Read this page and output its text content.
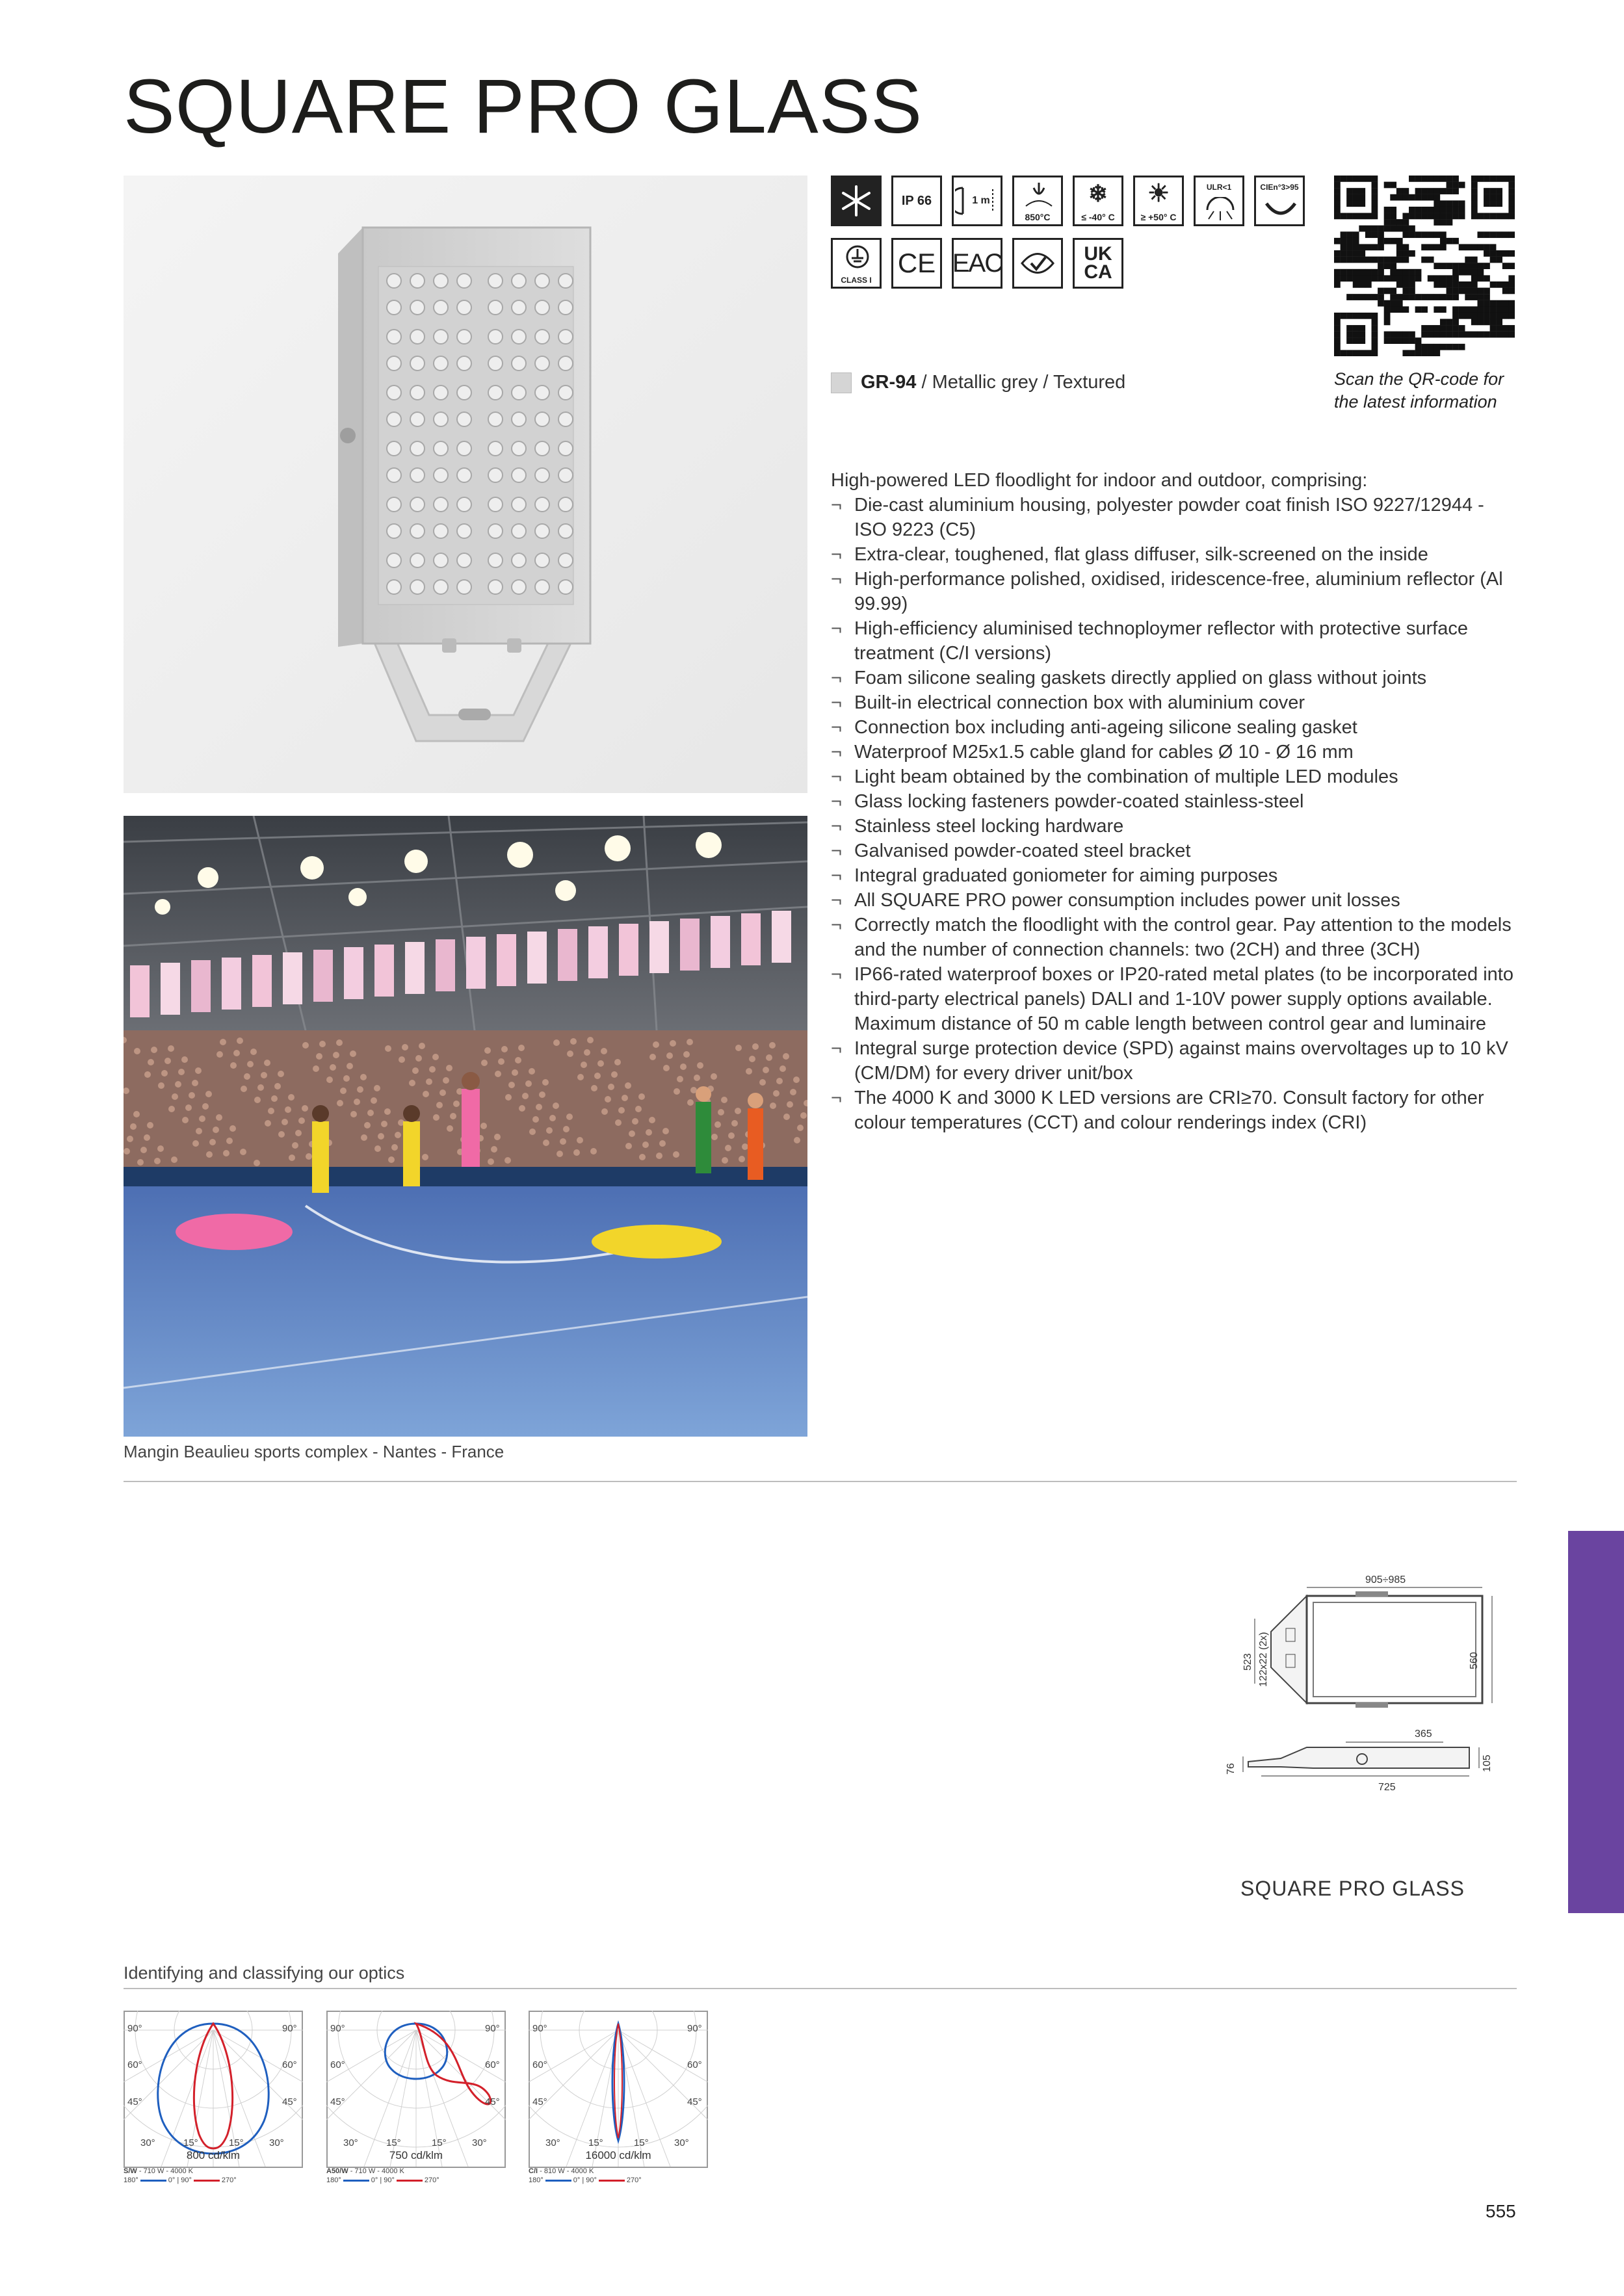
SQUARE PRO GLASS
Mangin Beaulieu sports complex - Nantes - France
IP 66	1 m
850°C
❄
≤ -40° C
☀
≥ +50° C
ULR<1	CIEn°3>95
CLASS I
CE EAC	UK CA
Scan the QR-code for
the latest information
GR-94 / Metallic grey / Textured
High-powered LED floodlight for indoor and outdoor, comprising:
¬ Die-cast aluminium housing, polyester powder coat finish ISO 9227/12944 - ISO 9223 (C5)
¬ Extra-clear, toughened, flat glass diffuser, silk-screened on the inside
¬ High-performance polished, oxidised, iridescence-free, aluminium reflector (Al 99.99)
¬ High-efficiency aluminised technoploymer reflector with protective surface treatment (C/I versions)
¬ Foam silicone sealing gaskets directly applied on glass without joints
¬ Built-in electrical connection box with aluminium cover
¬ Connection box including anti-ageing silicone sealing gasket
¬ Waterproof M25x1.5 cable gland for cables Ø 10 - Ø 16 mm
¬ Light beam obtained by the combination of multiple LED modules
¬ Glass locking fasteners powder-coated stainless-steel
¬ Stainless steel locking hardware
¬ Galvanised powder-coated steel bracket
¬ Integral graduated goniometer for aiming purposes
¬ All SQUARE PRO power consumption includes power unit losses
¬ Correctly match the floodlight with the control gear. Pay attention to the models and the number of connection channels: two (2CH) and three (3CH)
¬ IP66-rated waterproof boxes or IP20-rated metal plates (to be incorporated into third-party electrical panels) DALI and 1-10V power supply options available. Maximum distance of 50 m cable length between control gear and luminaire
¬ Integral surge protection device (SPD) against mains overvoltages up to 10 kV (CM/DM) for every driver unit/box
¬ The 4000 K and 3000 K LED versions are CRI≥70. Consult factory for other colour temperatures (CCT) and colour renderings index (CRI)
905÷985
560
523 122x22 (2x)
365
76	105
725
SQUARE PRO GLASS
Identifying and classifying our optics
90°	90°
60°	60°
45°	45°
30°	15°	15°	30°
800 cd/klm
S/W - 710 W - 4000 K
180°	0° | 90°	270°
90°	90°
60°	60°
45°	45°
30°	15°	15°	30°
750 cd/klm
A50/W - 710 W - 4000 K
180°	0° | 90°	270°
90°	90°
60°	60°
45°	45°
30°	15°	15°	30°
16000 cd/klm
C/I - 810 W - 4000 K
180°	0° | 90°	270°
555
